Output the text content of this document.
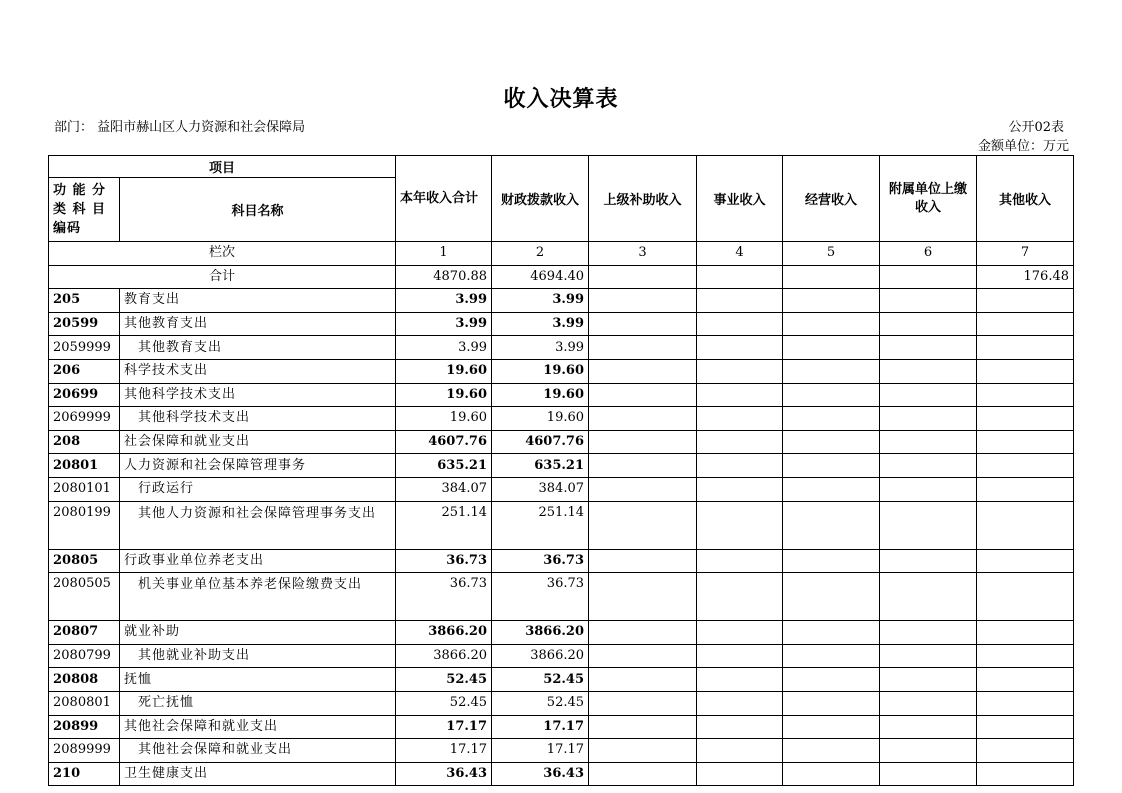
收入决算表
部门： 益阳市赫山区人力资源和社会保障局	公开02表
金额单位：万元
项目		本年收入合计	财政拨款收入	上级补助收入	事业收入	经营收入	附属单位上缴 收入	其他收入
功 能 分 类 科 目 编码	科目名称							
栏次		1	2	3	4	5	6	7
合计		4870.88	4694.40					176.48
205	教育支出	3.99	3.99					
20599	其他教育支出	3.99	3.99					
2059999	其他教育支出	3.99	3.99					
206	科学技术支出	19.60	19.60					
20699	其他科学技术支出	19.60	19.60					
2069999	其他科学技术支出	19.60	19.60					
208	社会保障和就业支出	4607.76	4607.76					
20801	人力资源和社会保障管理事务	635.21	635.21					
2080101	行政运行	384.07	384.07					
2080199	其他人力资源和社会保障管理事务支出	251.14	251.14					
20805	行政事业单位养老支出	36.73	36.73					
2080505	机关事业单位基本养老保险缴费支出	36.73	36.73					
20807	就业补助	3866.20	3866.20					
2080799	其他就业补助支出	3866.20	3866.20					
20808	抚恤	52.45	52.45					
2080801	死亡抚恤	52.45	52.45					
20899	其他社会保障和就业支出	17.17	17.17					
2089999	其他社会保障和就业支出	17.17	17.17					
210	卫生健康支出	36.43	36.43					
